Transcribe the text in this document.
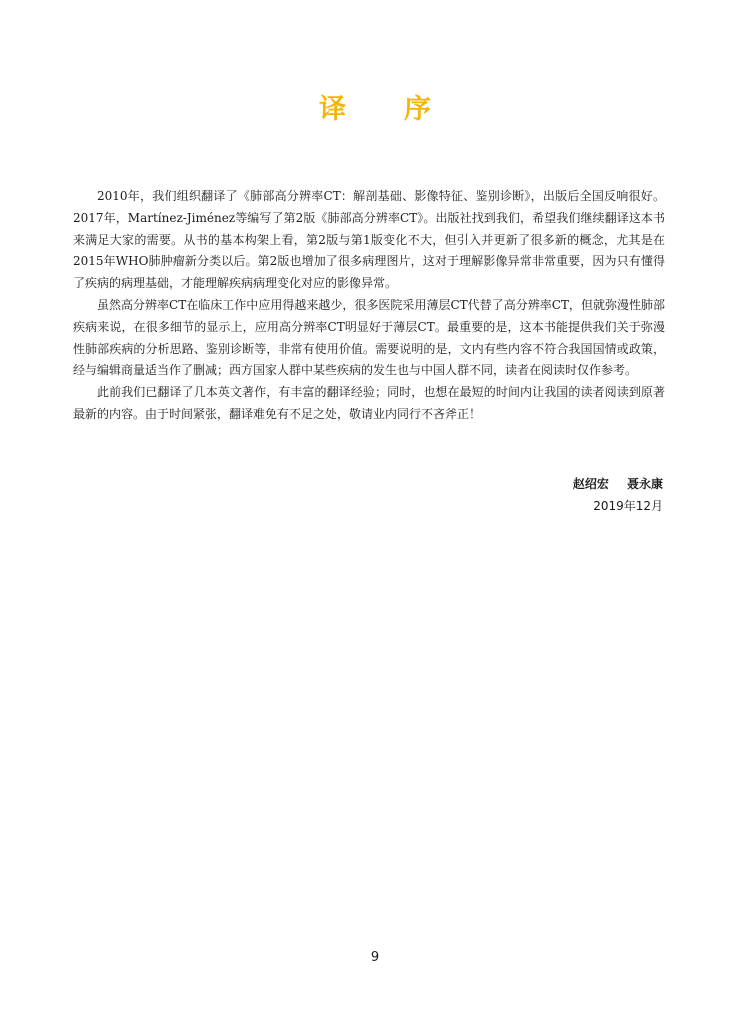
译序

2010年，我们组织翻译了《肺部高分辨率CT：解剖基础、影像特征、鉴别诊断》，出版后全国反响很好。2017年，Martínez-Jiménez等编写了第2版《肺部高分辨率CT》。出版社找到我们，希望我们继续翻译这本书来满足大家的需要。从书的基本构架上看，第2版与第1版变化不大，但引入并更新了很多新的概念，尤其是在2015年WHO肺肿瘤新分类以后。第2版也增加了很多病理图片，这对于理解影像异常非常重要，因为只有懂得了疾病的病理基础，才能理解疾病病理变化对应的影像异常。

虽然高分辨率CT在临床工作中应用得越来越少，很多医院采用薄层CT代替了高分辨率CT，但就弥漫性肺部疾病来说，在很多细节的显示上，应用高分辨率CT明显好于薄层CT。最重要的是，这本书能提供我们关于弥漫性肺部疾病的分析思路、鉴别诊断等，非常有使用价值。需要说明的是，文内有些内容不符合我国国情或政策，经与编辑商量适当作了删减；西方国家人群中某些疾病的发生也与中国人群不同，读者在阅读时仅作参考。

此前我们已翻译了几本英文著作，有丰富的翻译经验；同时，也想在最短的时间内让我国的读者阅读到原著最新的内容。由于时间紧张，翻译难免有不足之处，敬请业内同行不吝斧正！

赵绍宏 聂永康
2019年12月
9
